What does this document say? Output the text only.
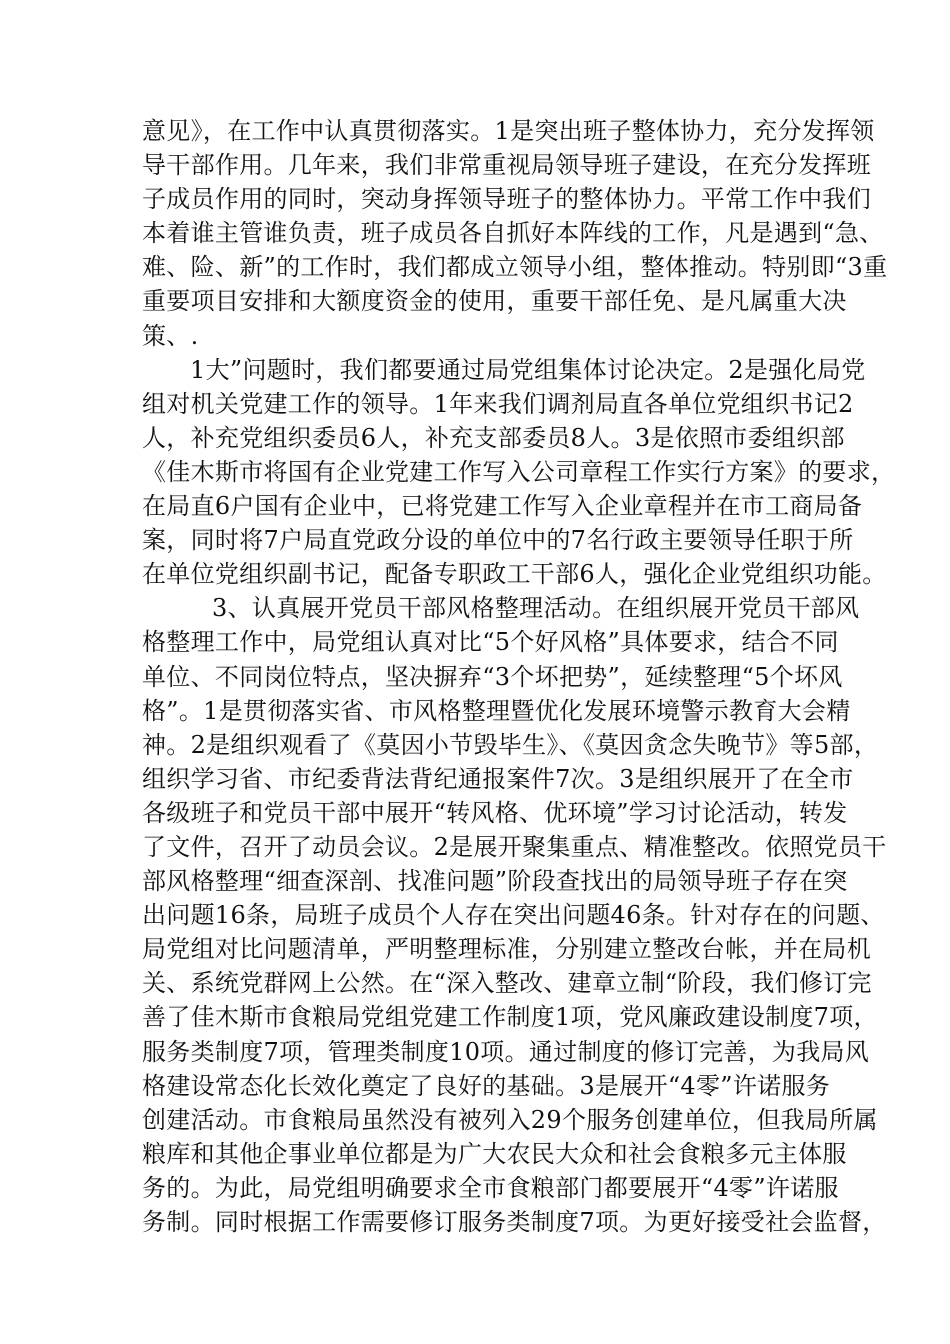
意见》，在工作中认真贯彻落实。1是突出班子整体协力，充分发挥领
导干部作用。几年来，我们非常重视局领导班子建设，在充分发挥班
子成员作用的同时，突动身挥领导班子的整体协力。平常工作中我们
本着谁主管谁负责，班子成员各自抓好本阵线的工作，凡是遇到“急、
难、险、新”的工作时，我们都成立领导小组，整体推动。特别即“3重
重要项目安排和大额度资金的使用，重要干部任免、是凡属重大决
策、.
1大”问题时，我们都要通过局党组集体讨论决定。2是强化局党
组对机关党建工作的领导。1年来我们调剂局直各单位党组织书记2
人，补充党组织委员6人，补充支部委员8人。3是依照市委组织部
《佳木斯市将国有企业党建工作写入公司章程工作实行方案》的要求，
在局直6户国有企业中，已将党建工作写入企业章程并在市工商局备
案，同时将7户局直党政分设的单位中的7名行政主要领导任职于所
在单位党组织副书记，配备专职政工干部6人，强化企业党组织功能。
3、认真展开党员干部风格整理活动。在组织展开党员干部风
格整理工作中，局党组认真对比“5个好风格”具体要求，结合不同
单位、不同岗位特点，坚决摒弃“3个坏把势”，延续整理“5个坏风
格”。1是贯彻落实省、市风格整理暨优化发展环境警示教育大会精
神。2是组织观看了《莫因小节毁毕生》、《莫因贪念失晚节》等5部，
组织学习省、市纪委背法背纪通报案件7次。3是组织展开了在全市
各级班子和党员干部中展开“转风格、优环境”学习讨论活动，转发
了文件，召开了动员会议。2是展开聚集重点、精准整改。依照党员干
部风格整理“细查深剖、找准问题”阶段查找出的局领导班子存在突
出问题16条，局班子成员个人存在突出问题46条。针对存在的问题、
局党组对比问题清单，严明整理标准，分别建立整改台帐，并在局机
关、系统党群网上公然。在“深入整改、建章立制“阶段，我们修订完
善了佳木斯市食粮局党组党建工作制度1项，党风廉政建设制度7项，
服务类制度7项，管理类制度10项。通过制度的修订完善，为我局风
格建设常态化长效化奠定了良好的基础。3是展开“4零”许诺服务
创建活动。市食粮局虽然没有被列入29个服务创建单位，但我局所属
粮库和其他企事业单位都是为广大农民大众和社会食粮多元主体服
务的。为此，局党组明确要求全市食粮部门都要展开“4零”许诺服
务制。同时根据工作需要修订服务类制度7项。为更好接受社会监督，
